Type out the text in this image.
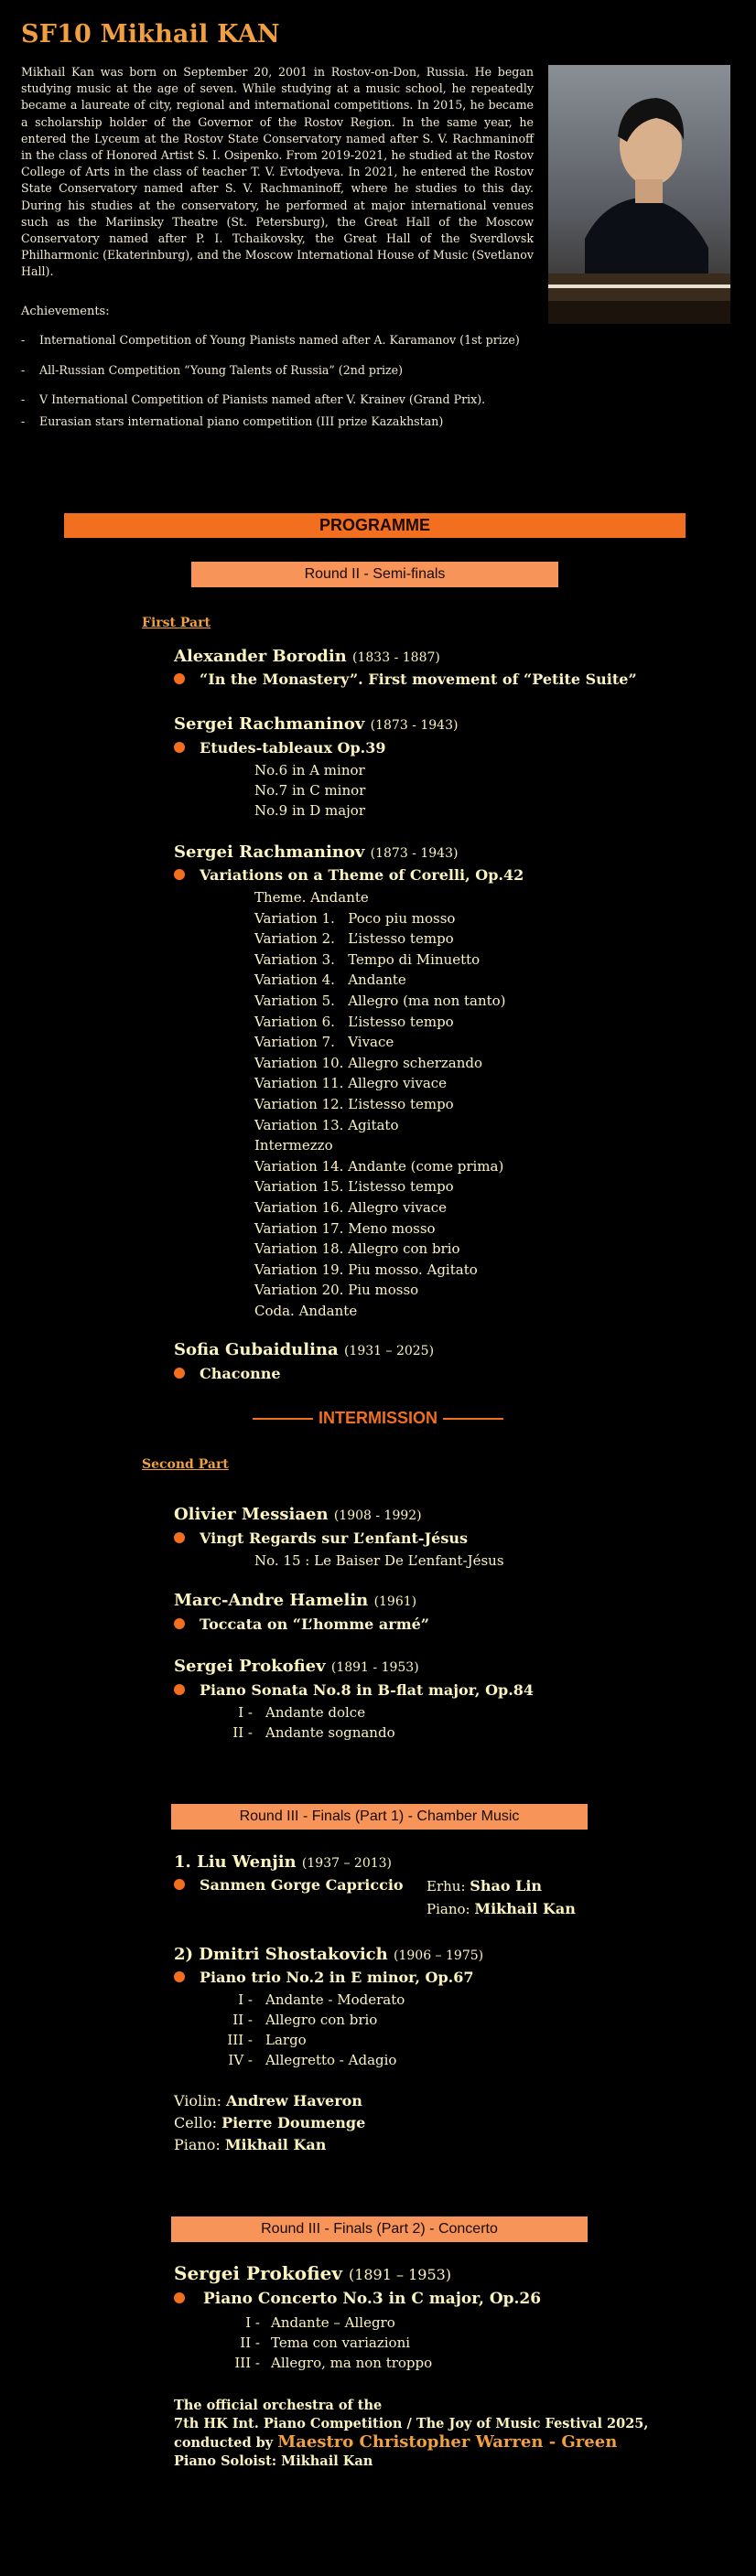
SF10 Mikhail KAN
Mikhail Kan was born on September 20, 2001 in Rostov-on-Don, Russia. He began studying music at the age of seven. While studying at a music school, he repeatedly became a laureate of city, regional and international competitions. In 2015, he became a scholarship holder of the Governor of the Rostov Region. In the same year, he entered the Lyceum at the Rostov State Conservatory named after S. V. Rachmaninoff in the class of Honored Artist S. I. Osipenko. From 2019-2021, he studied at the Rostov College of Arts in the class of teacher T. V. Evtodyeva. In 2021, he entered the Rostov State Conservatory named after S. V. Rachmaninoff, where he studies to this day. During his studies at the conservatory, he performed at major international venues such as the Mariinsky Theatre (St. Petersburg), the Great Hall of the Moscow Conservatory named after P. I. Tchaikovsky, the Great Hall of the Sverdlovsk Philharmonic (Ekaterinburg), and the Moscow International House of Music (Svetlanov Hall).
Achievements:
- International Competition of Young Pianists named after A. Karamanov (1st prize)
- All-Russian Competition “Young Talents of Russia” (2nd prize)
- V International Competition of Pianists named after V. Krainev (Grand Prix).
- Eurasian stars international piano competition (III prize Kazakhstan)
PROGRAMME
Round II - Semi-finals
First Part
Alexander Borodin (1833 - 1887)
“In the Monastery”. First movement of “Petite Suite”
Sergei Rachmaninov (1873 - 1943)
Etudes-tableaux Op.39
No.6 in A minor
No.7 in C minor
No.9 in D major
Sergei Rachmaninov (1873 - 1943)
Variations on a Theme of Corelli, Op.42
Theme. Andante
Variation 1.   Poco piu mosso
Variation 2.   L’istesso tempo
Variation 3.   Tempo di Minuetto
Variation 4.   Andante
Variation 5.   Allegro (ma non tanto)
Variation 6.   L’istesso tempo
Variation 7.   Vivace
Variation 10. Allegro scherzando
Variation 11. Allegro vivace
Variation 12. L’istesso tempo
Variation 13. Agitato
Intermezzo
Variation 14. Andante (come prima)
Variation 15. L’istesso tempo
Variation 16. Allegro vivace
Variation 17. Meno mosso
Variation 18. Allegro con brio
Variation 19. Piu mosso. Agitato
Variation 20. Piu mosso
Coda. Andante
Sofia Gubaidulina (1931 – 2025)
Chaconne
INTERMISSION
Second Part
Olivier Messiaen (1908 - 1992)
Vingt Regards sur L’enfant-Jésus
No. 15 : Le Baiser De L’enfant-Jésus
Marc-Andre Hamelin (1961)
Toccata on “L’homme armé”
Sergei Prokofiev (1891 - 1953)
Piano Sonata No.8 in B-flat major, Op.84
I - Andante dolce
II - Andante sognando
Round III - Finals (Part 1) - Chamber Music
1. Liu Wenjin (1937 – 2013)
Sanmen Gorge Capriccio Erhu: Shao Lin
Piano: Mikhail Kan
2) Dmitri Shostakovich (1906 – 1975)
Piano trio No.2 in E minor, Op.67
I - Andante - Moderato
II - Allegro con brio
III - Largo
IV - Allegretto - Adagio
Violin: Andrew Haveron
Cello: Pierre Doumenge
Piano: Mikhail Kan
Round III - Finals (Part 2) - Concerto
Sergei Prokofiev (1891 – 1953)
Piano Concerto No.3 in C major, Op.26
I - Andante – Allegro
II - Tema con variazioni
III - Allegro, ma non troppo
The official orchestra of the
7th HK Int. Piano Competition / The Joy of Music Festival 2025,
conducted by Maestro Christopher Warren - Green
Piano Soloist: Mikhail Kan
